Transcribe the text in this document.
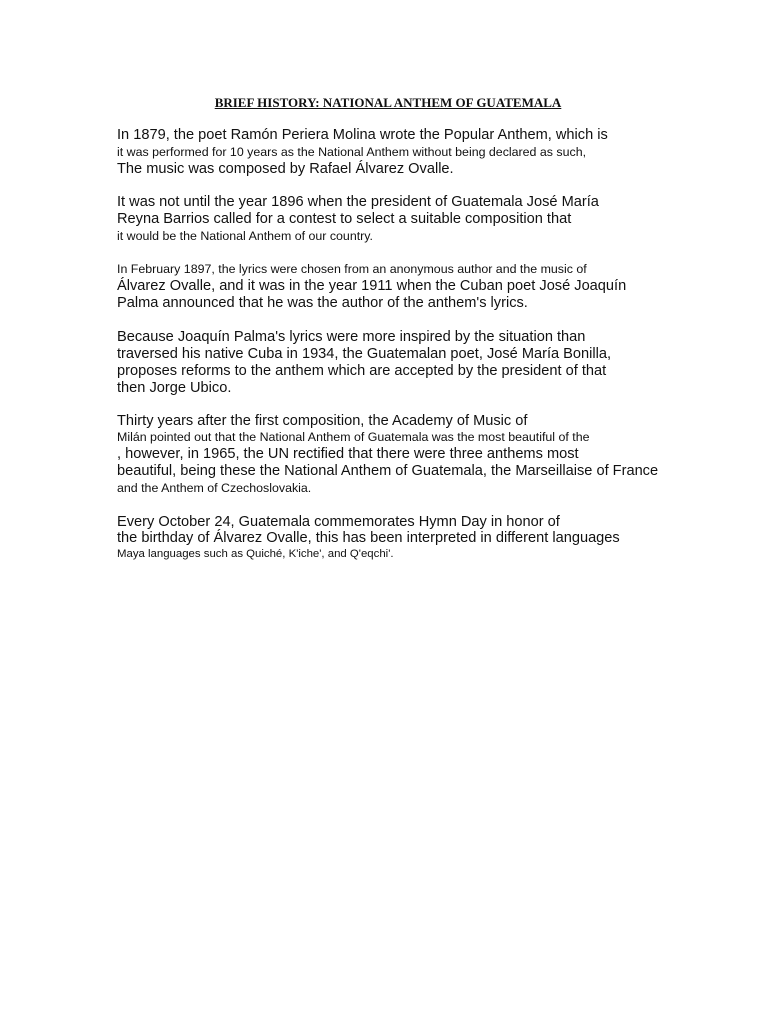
BRIEF HISTORY: NATIONAL ANTHEM OF GUATEMALA

In 1879, the poet Ramón Periera Molina wrote the Popular Anthem, which is

it was performed for 10 years as the National Anthem without being declared as such,

The music was composed by Rafael Álvarez Ovalle.

It was not until the year 1896 when the president of Guatemala José María

Reyna Barrios called for a contest to select a suitable composition that

it would be the National Anthem of our country.

In February 1897, the lyrics were chosen from an anonymous author and the music of

Álvarez Ovalle, and it was in the year 1911 when the Cuban poet José Joaquín

Palma announced that he was the author of the anthem's lyrics.

Because Joaquín Palma's lyrics were more inspired by the situation than

traversed his native Cuba in 1934, the Guatemalan poet, José María Bonilla,

proposes reforms to the anthem which are accepted by the president of that

then Jorge Ubico.

Thirty years after the first composition, the Academy of Music of

Milán pointed out that the National Anthem of Guatemala was the most beautiful of the

, however, in 1965, the UN rectified that there were three anthems most

beautiful, being these the National Anthem of Guatemala, the Marseillaise of France

and the Anthem of Czechoslovakia.

Every October 24, Guatemala commemorates Hymn Day in honor of

the birthday of Álvarez Ovalle, this has been interpreted in different languages

Maya languages such as Quiché, K'iche', and Q'eqchi'.
